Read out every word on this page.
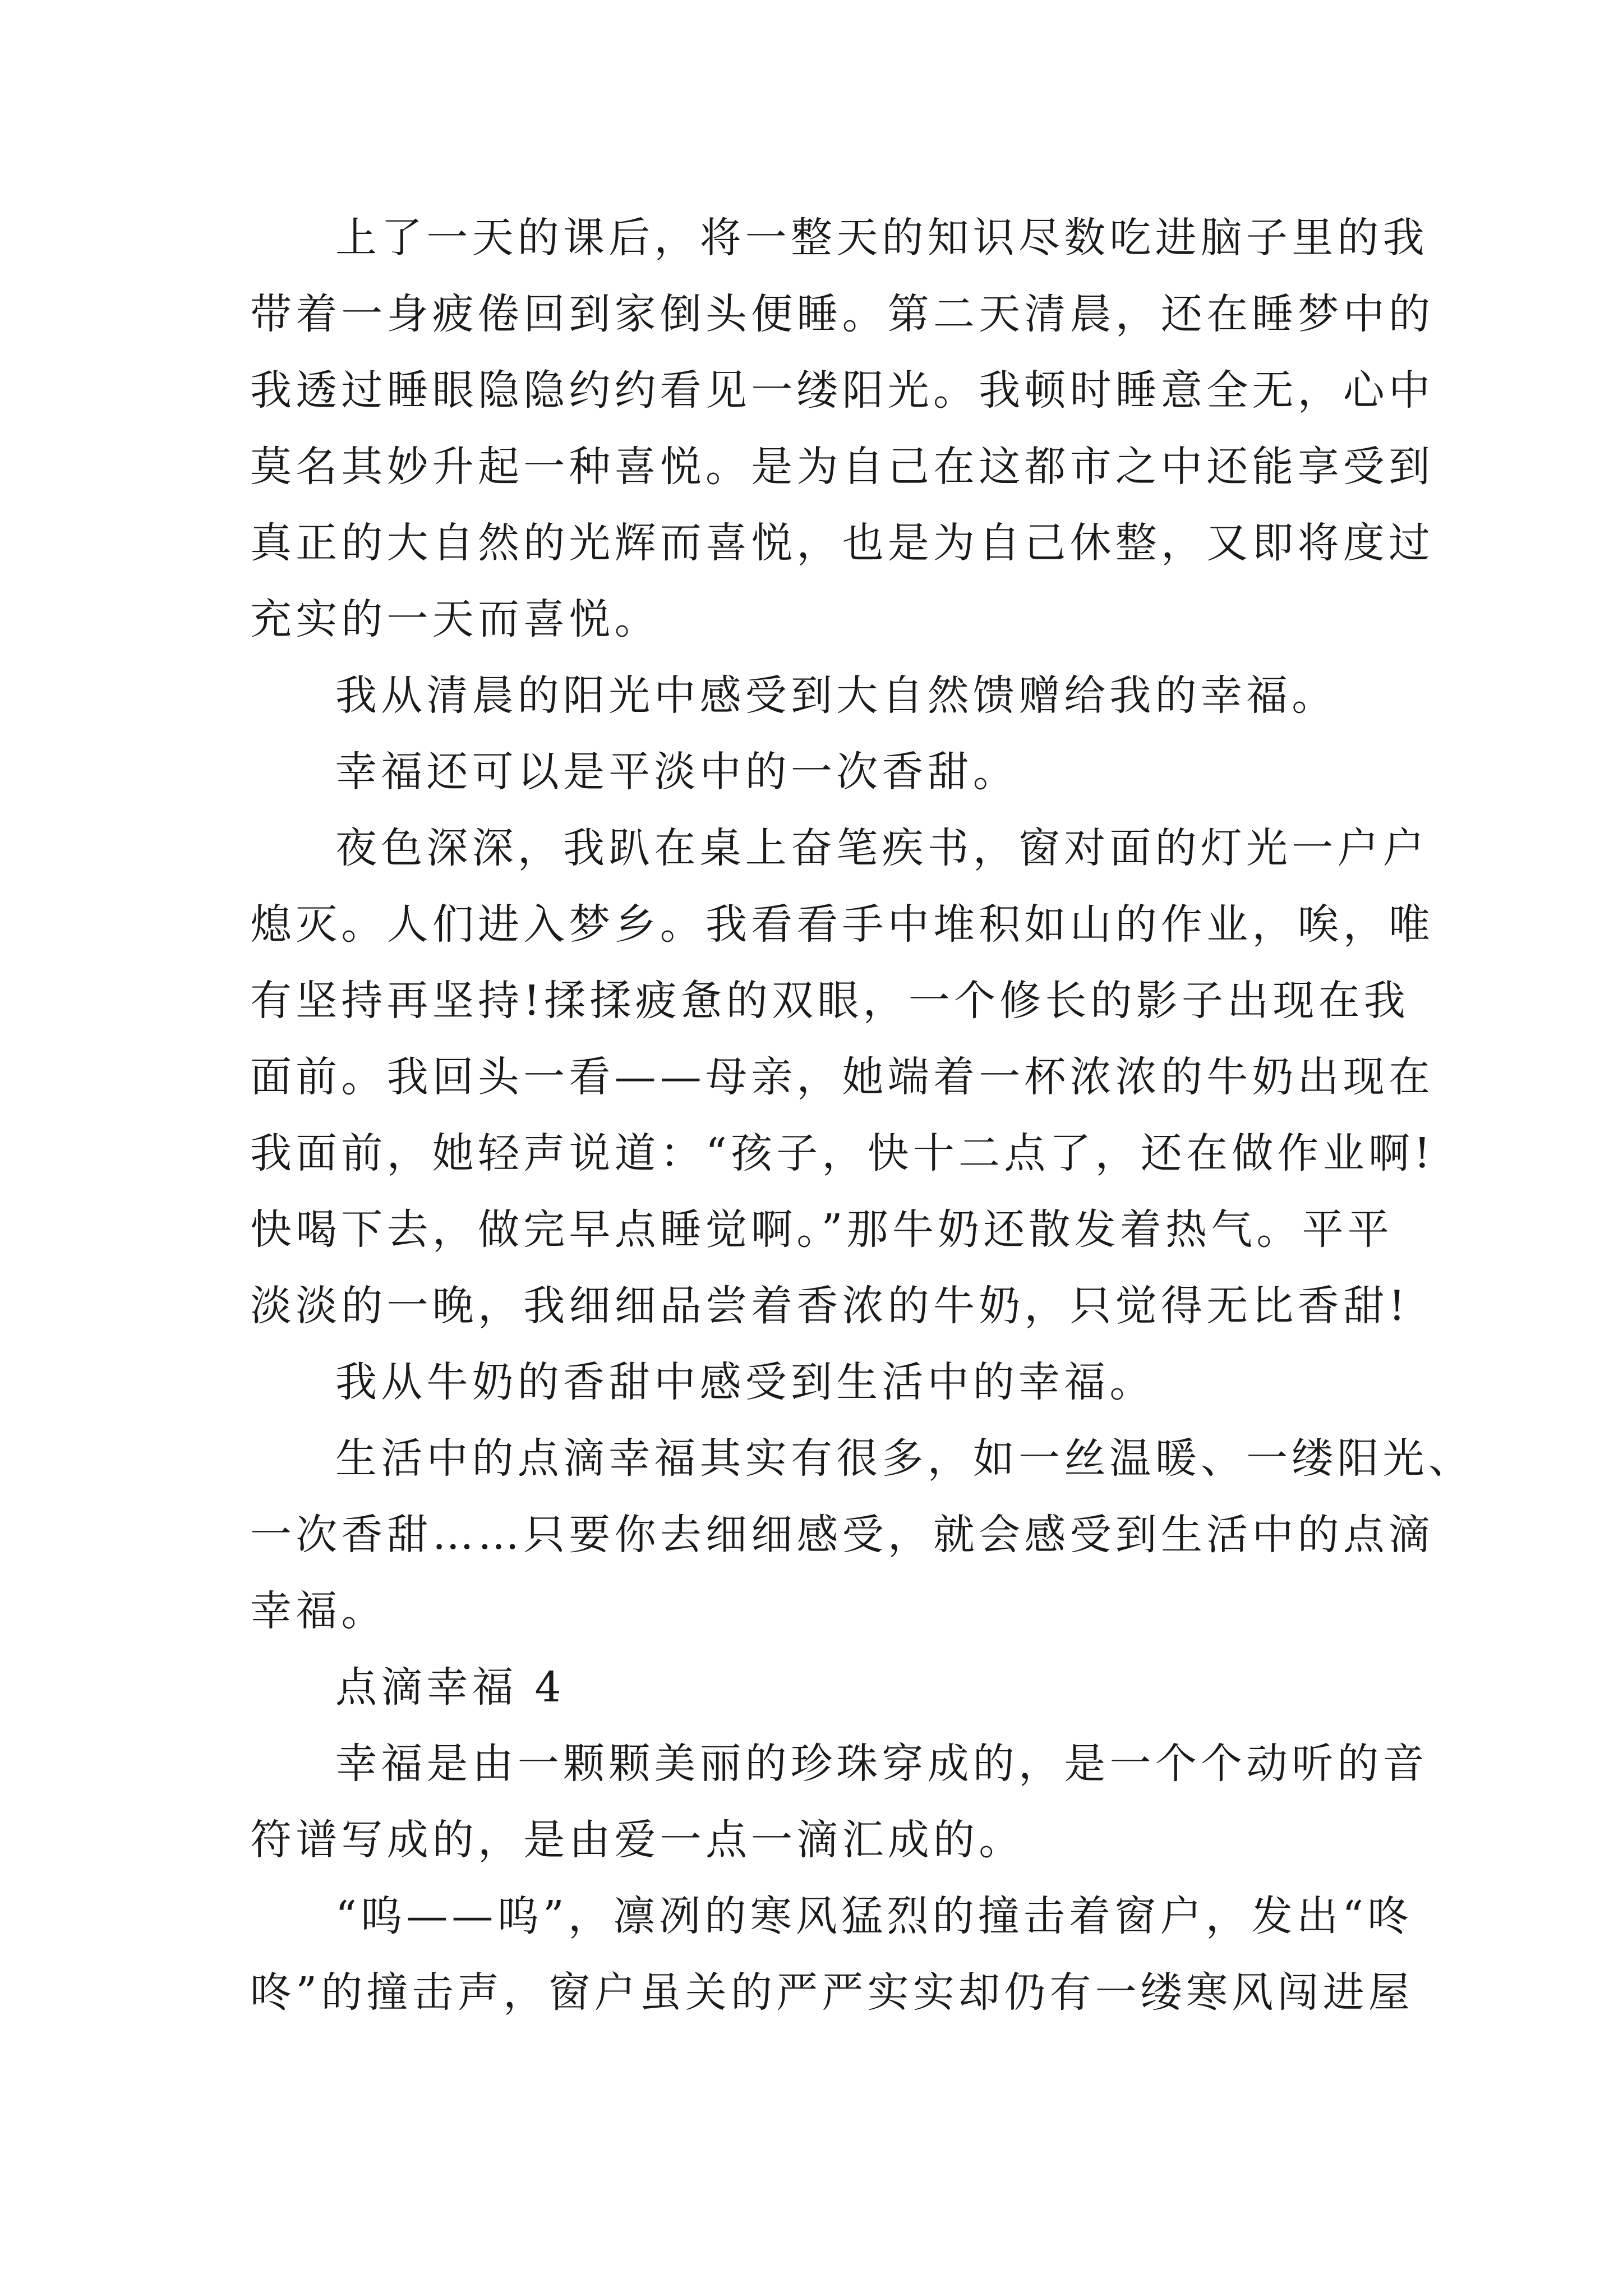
上了一天的课后，将一整天的知识尽数吃进脑子里的我

带着一身疲倦回到家倒头便睡。第二天清晨，还在睡梦中的

我透过睡眼隐隐约约看见一缕阳光。我顿时睡意全无，心中

莫名其妙升起一种喜悦。是为自己在这都市之中还能享受到

真正的大自然的光辉而喜悦，也是为自己休整，又即将度过

充实的一天而喜悦。

我从清晨的阳光中感受到大自然馈赠给我的幸福。

幸福还可以是平淡中的一次香甜。

夜色深深，我趴在桌上奋笔疾书，窗对面的灯光一户户

熄灭。人们进入梦乡。我看看手中堆积如山的作业，唉，唯

有坚持再坚持!揉揉疲惫的双眼，一个修长的影子出现在我

面前。我回头一看——母亲，她端着一杯浓浓的牛奶出现在

我面前，她轻声说道：“孩子，快十二点了，还在做作业啊!

快喝下去，做完早点睡觉啊。”那牛奶还散发着热气。平平

淡淡的一晚，我细细品尝着香浓的牛奶，只觉得无比香甜!

我从牛奶的香甜中感受到生活中的幸福。

生活中的点滴幸福其实有很多，如一丝温暖、一缕阳光、

一次香甜……只要你去细细感受，就会感受到生活中的点滴

幸福。

点滴幸福 4

幸福是由一颗颗美丽的珍珠穿成的，是一个个动听的音

符谱写成的，是由爱一点一滴汇成的。

“呜——呜”，凛冽的寒风猛烈的撞击着窗户，发出“咚

咚”的撞击声，窗户虽关的严严实实却仍有一缕寒风闯进屋
